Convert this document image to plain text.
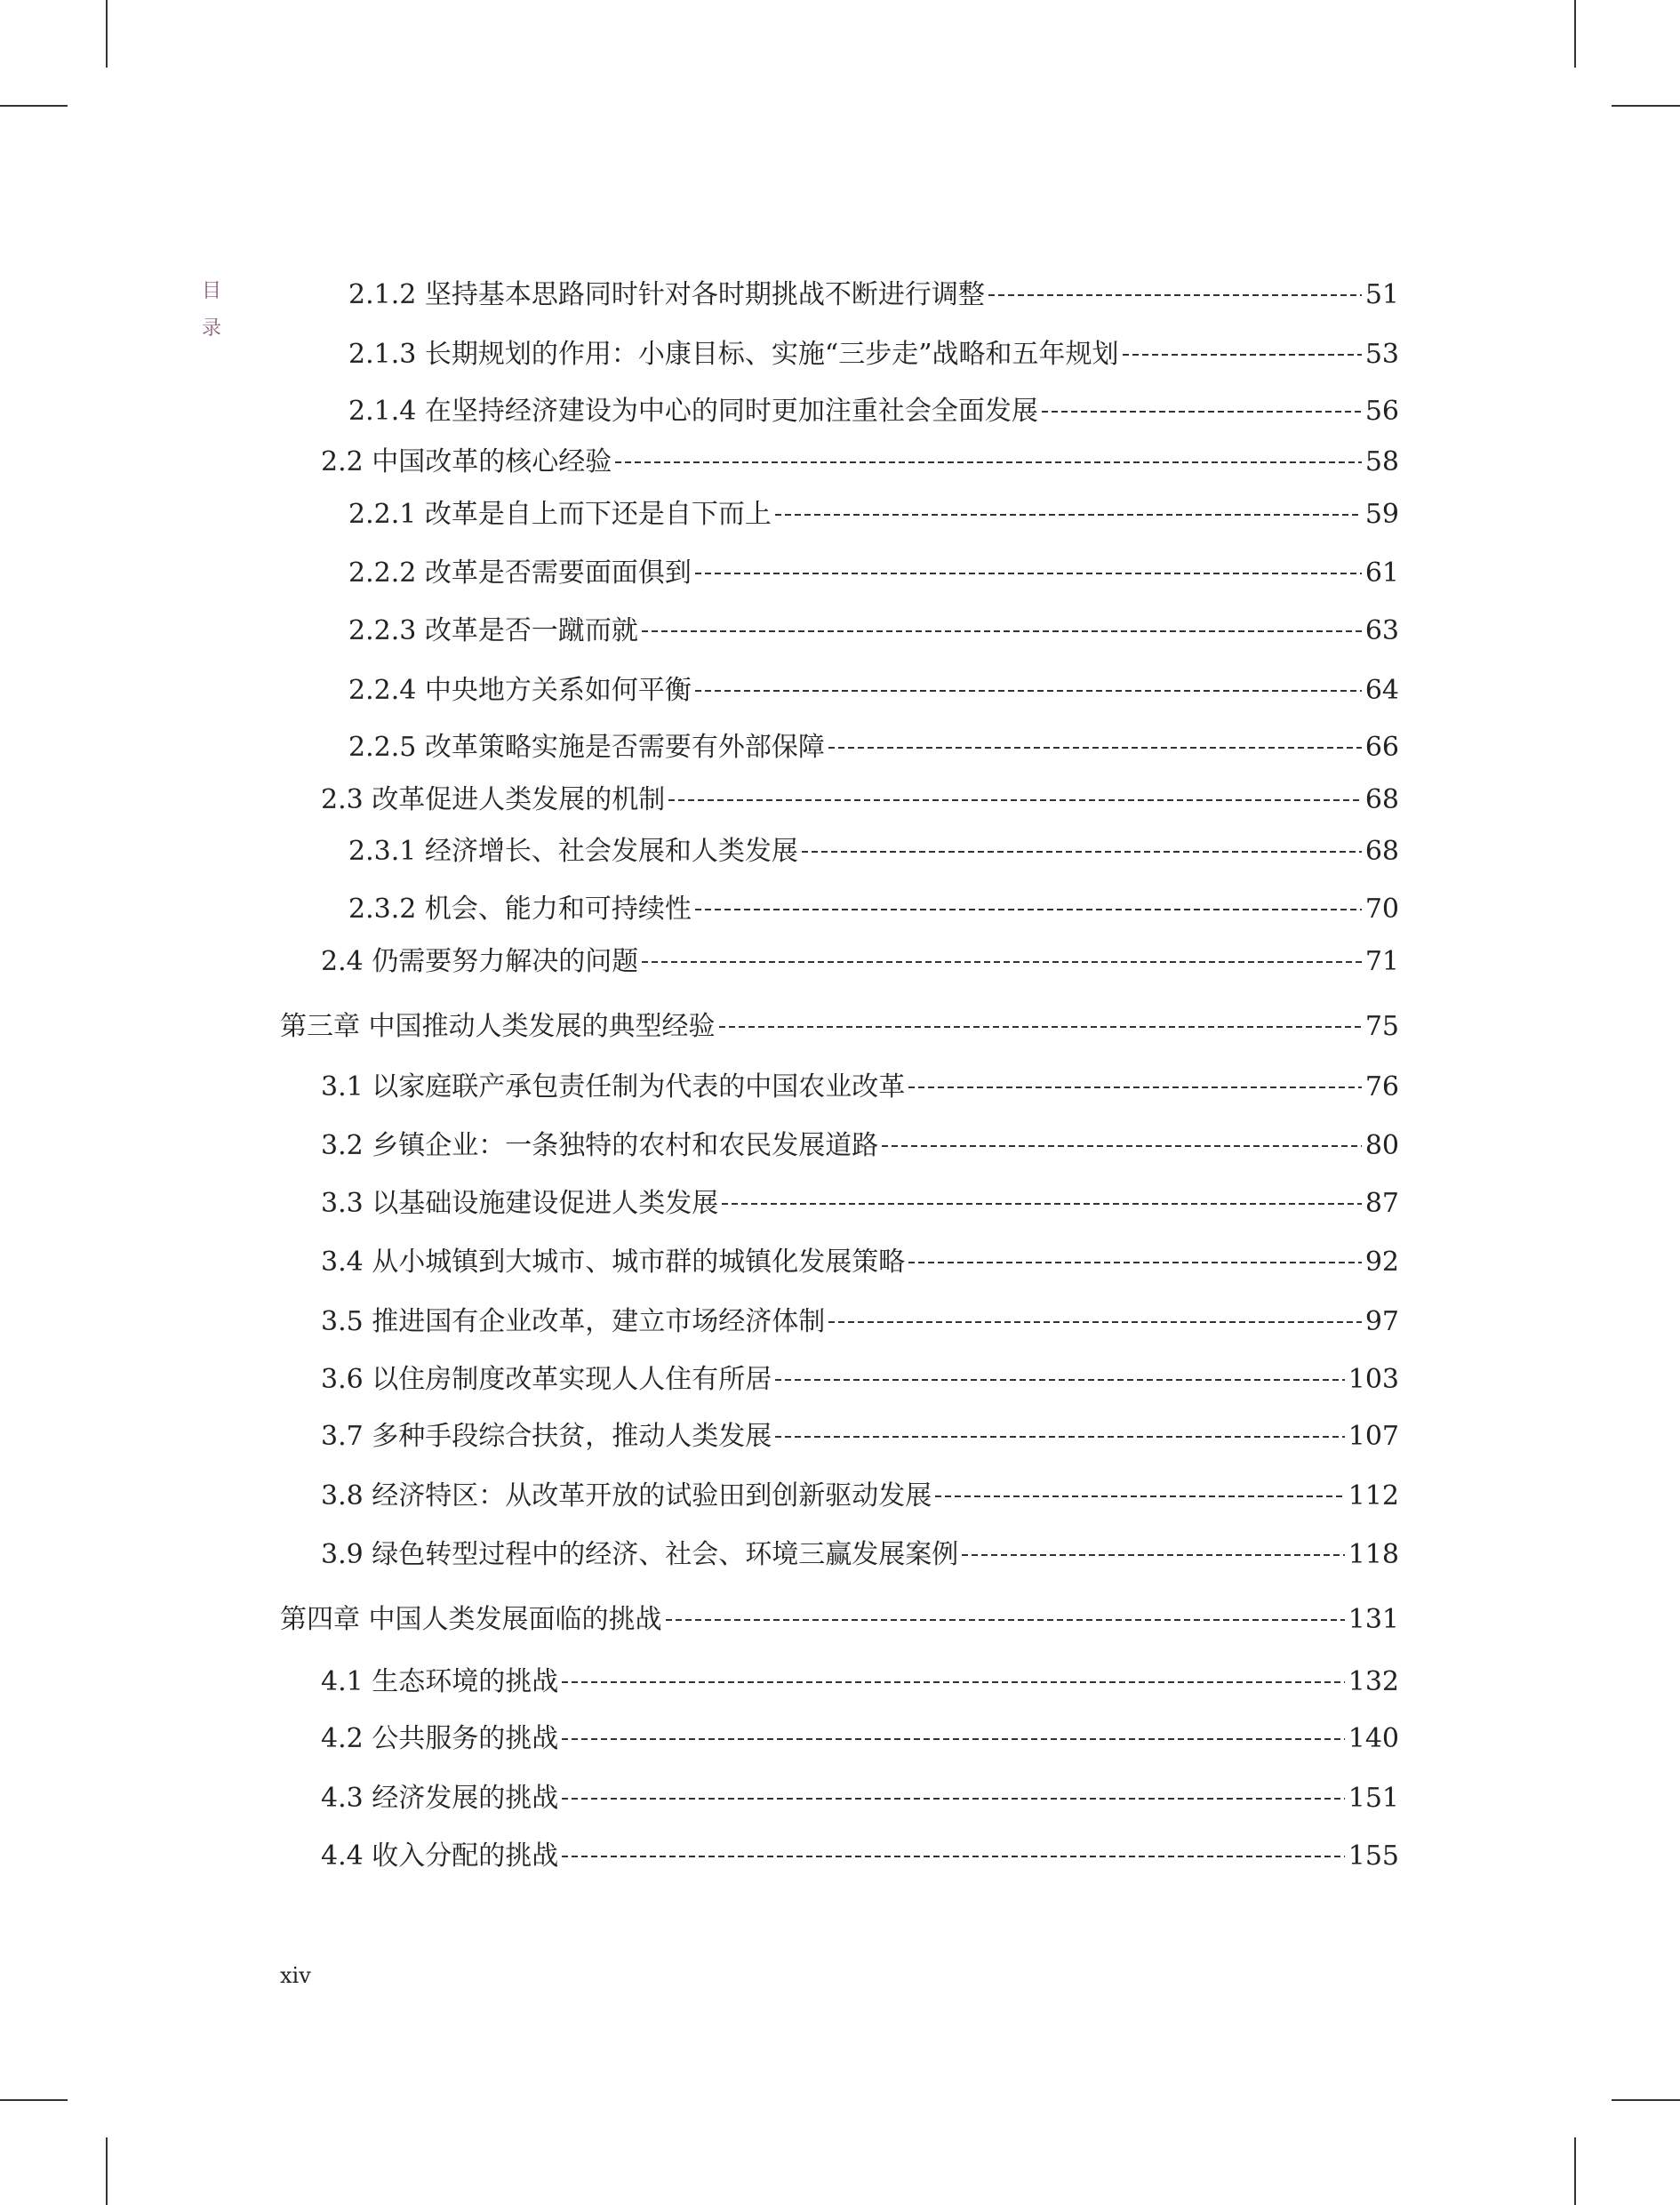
目
录
2.1.2 坚持基本思路同时针对各时期挑战不断进行调整	51
2.1.3 长期规划的作用：小康目标、实施“三步走”战略和五年规划	53
2.1.4 在坚持经济建设为中心的同时更加注重社会全面发展	56
2.2 中国改革的核心经验	58
2.2.1 改革是自上而下还是自下而上	59
2.2.2 改革是否需要面面俱到	61
2.2.3 改革是否一蹴而就	63
2.2.4 中央地方关系如何平衡	64
2.2.5 改革策略实施是否需要有外部保障	66
2.3 改革促进人类发展的机制	68
2.3.1 经济增长、社会发展和人类发展	68
2.3.2 机会、能力和可持续性	70
2.4 仍需要努力解决的问题	71
第三章 中国推动人类发展的典型经验	75
3.1 以家庭联产承包责任制为代表的中国农业改革	76
3.2 乡镇企业：一条独特的农村和农民发展道路	80
3.3 以基础设施建设促进人类发展	87
3.4 从小城镇到大城市、城市群的城镇化发展策略	92
3.5 推进国有企业改革，建立市场经济体制	97
3.6 以住房制度改革实现人人住有所居	103
3.7 多种手段综合扶贫，推动人类发展	107
3.8 经济特区：从改革开放的试验田到创新驱动发展	112
3.9 绿色转型过程中的经济、社会、环境三赢发展案例	118
第四章 中国人类发展面临的挑战	131
4.1 生态环境的挑战	132
4.2 公共服务的挑战	140
4.3 经济发展的挑战	151
4.4 收入分配的挑战	155
xiv
